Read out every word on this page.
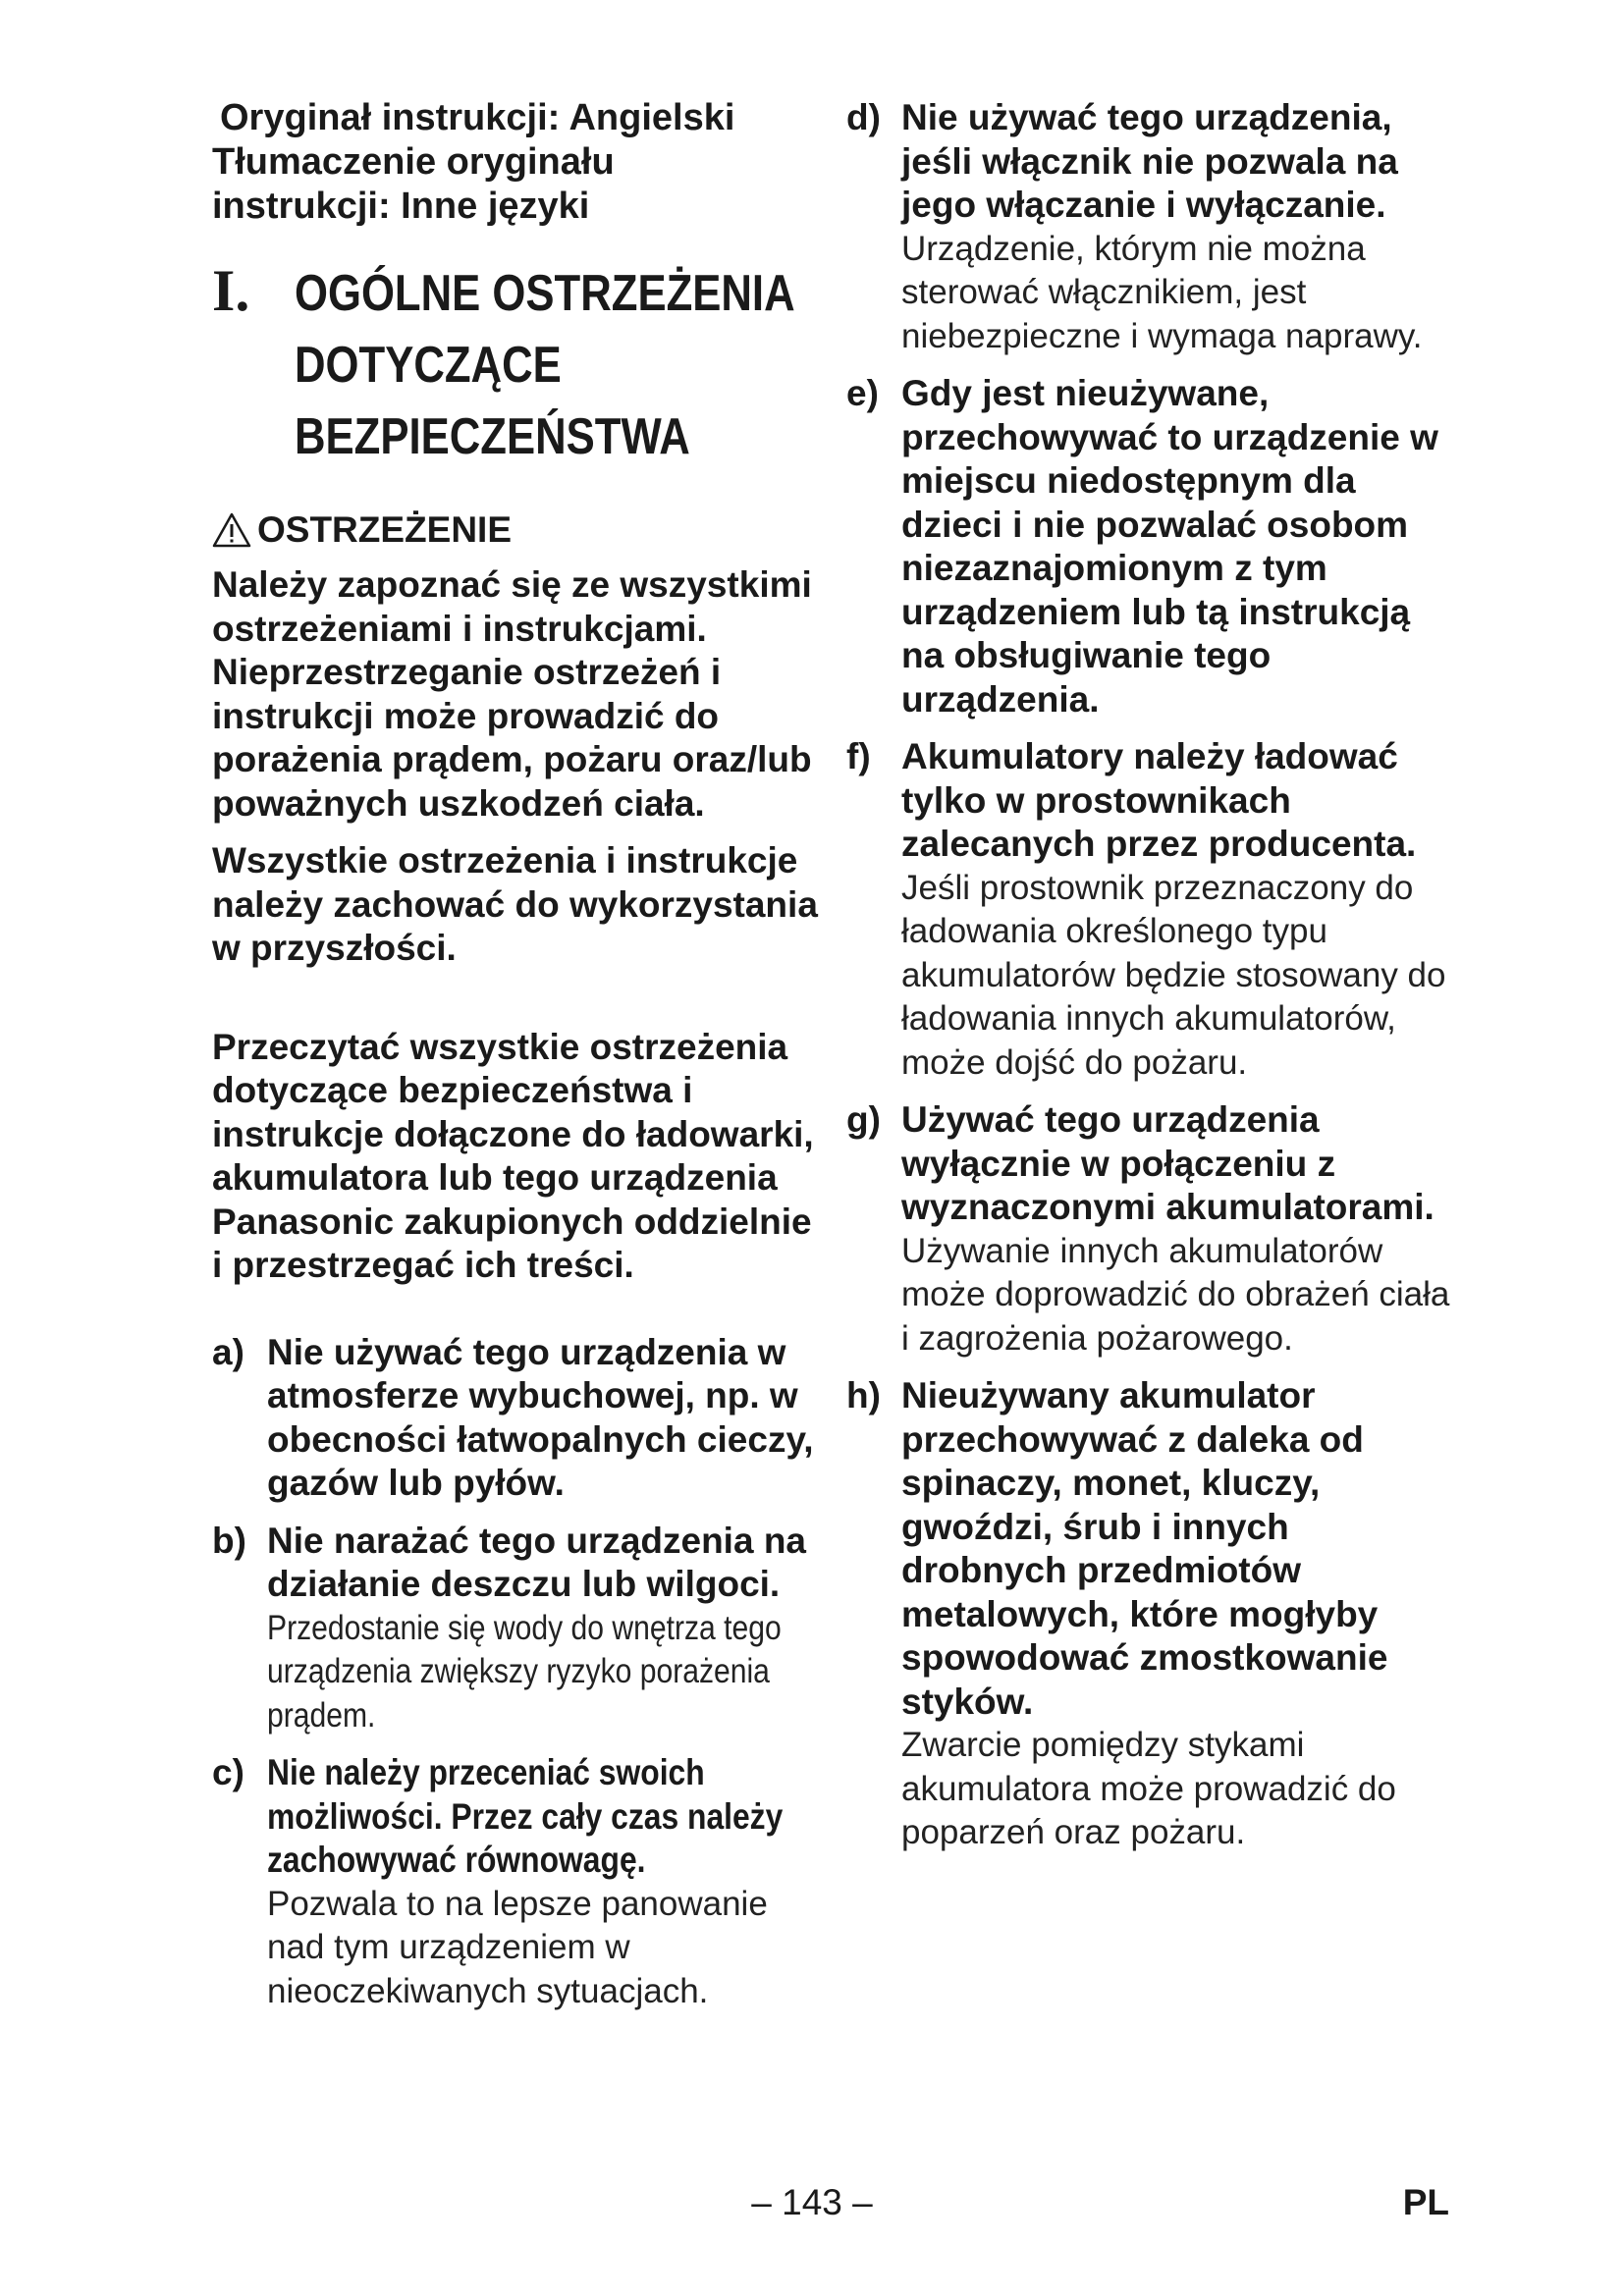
Oryginał instrukcji: Angielski
Tłumaczenie oryginału
instrukcji: Inne języki

I. OGÓLNE OSTRZEŻENIA
DOTYCZĄCE
BEZPIECZEŃSTWA
OSTRZEŻENIE

Należy zapoznać się ze wszystkimi ostrzeżeniami i instrukcjami. Nieprzestrzeganie ostrzeżeń i instrukcji może prowadzić do porażenia prądem, pożaru oraz/lub poważnych uszkodzeń ciała.

Wszystkie ostrzeżenia i instrukcje należy zachować do wykorzystania w przyszłości.

Przeczytać wszystkie ostrzeżenia dotyczące bezpieczeństwa i instrukcje dołączone do ładowarki, akumulatora lub tego urządzenia Panasonic zakupionych oddzielnie i przestrzegać ich treści.

a) Nie używać tego urządzenia w atmosferze wybuchowej, np. w obecności łatwopalnych cieczy, gazów lub pyłów.

b) Nie narażać tego urządzenia na działanie deszczu lub wilgoci.

Przedostanie się wody do wnętrza tego urządzenia zwiększy ryzyko porażenia prądem.

c) Nie należy przeceniać swoich możliwości. Przez cały czas należy zachowywać równowagę.

Pozwala to na lepsze panowanie nad tym urządzeniem w nieoczekiwanych sytuacjach.

d) Nie używać tego urządzenia, jeśli włącznik nie pozwala na jego włączanie i wyłączanie.

Urządzenie, którym nie można sterować włącznikiem, jest niebezpieczne i wymaga naprawy.

e) Gdy jest nieużywane, przechowywać to urządzenie w miejscu niedostępnym dla dzieci i nie pozwalać osobom niezaznajomionym z tym urządzeniem lub tą instrukcją na obsługiwanie tego urządzenia.

f) Akumulatory należy ładować tylko w prostownikach zalecanych przez producenta.

Jeśli prostownik przeznaczony do ładowania określonego typu akumulatorów będzie stosowany do ładowania innych akumulatorów, może dojść do pożaru.

g) Używać tego urządzenia wyłącznie w połączeniu z wyznaczonymi akumulatorami.

Używanie innych akumulatorów może doprowadzić do obrażeń ciała i zagrożenia pożarowego.

h) Nieużywany akumulator przechowywać z daleka od spinaczy, monet, kluczy, gwoździ, śrub i innych drobnych przedmiotów metalowych, które mogłyby spowodować zmostkowanie styków.

Zwarcie pomiędzy stykami akumulatora może prowadzić do poparzeń oraz pożaru.

– 143 –	PL
